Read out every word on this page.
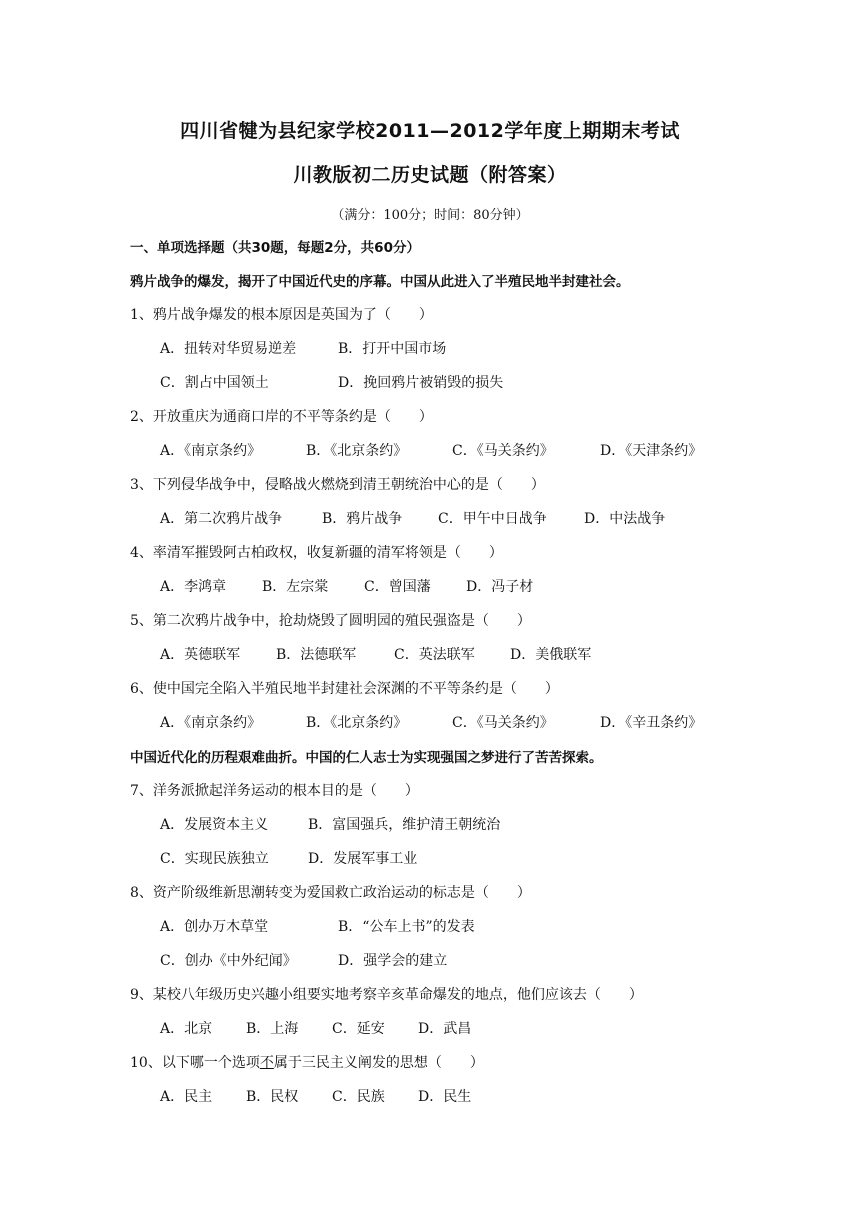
四川省犍为县纪家学校2011—2012学年度上期期末考试
川教版初二历史试题（附答案）
（满分：100分；时间：80分钟）
一、单项选择题（共30题，每题2分，共60分）
鸦片战争的爆发，揭开了中国近代史的序幕。中国从此进入了半殖民地半封建社会。
1、鸦片战争爆发的根本原因是英国为了（　　）
A．扭转对华贸易逆差	B．打开中国市场
C．割占中国领土	D．挽回鸦片被销毁的损失
2、开放重庆为通商口岸的不平等条约是（　　）
A．《南京条约》	B．《北京条约》	C．《马关条约》	D．《天津条约》
3、下列侵华战争中，侵略战火燃烧到清王朝统治中心的是（　　）
A．第二次鸦片战争	B．鸦片战争	C．甲午中日战争	D．中法战争
4、率清军摧毁阿古柏政权，收复新疆的清军将领是（　　）
A．李鸿章	B．左宗棠	C．曾国藩	D．冯子材
5、第二次鸦片战争中，抢劫烧毁了圆明园的殖民强盗是（　　）
A．英德联军	B．法德联军	C．英法联军	D．美俄联军
6、使中国完全陷入半殖民地半封建社会深渊的不平等条约是（　　）
A．《南京条约》	B．《北京条约》	C．《马关条约》	D．《辛丑条约》
中国近代化的历程艰难曲折。中国的仁人志士为实现强国之梦进行了苦苦探索。
7、洋务派掀起洋务运动的根本目的是（　　）
A．发展资本主义	B．富国强兵，维护清王朝统治
C．实现民族独立	D．发展军事工业
8、资产阶级维新思潮转变为爱国救亡政治运动的标志是（　　）
A．创办万木草堂	B．“公车上书”的发表
C．创办《中外纪闻》	D．强学会的建立
9、某校八年级历史兴趣小组要实地考察辛亥革命爆发的地点，他们应该去（　　）
A．北京 B．上海 C．延安 D．武昌
10、以下哪一个选项不属于三民主义阐发的思想（　　）
A．民主 B．民权 C．民族 D．民生
